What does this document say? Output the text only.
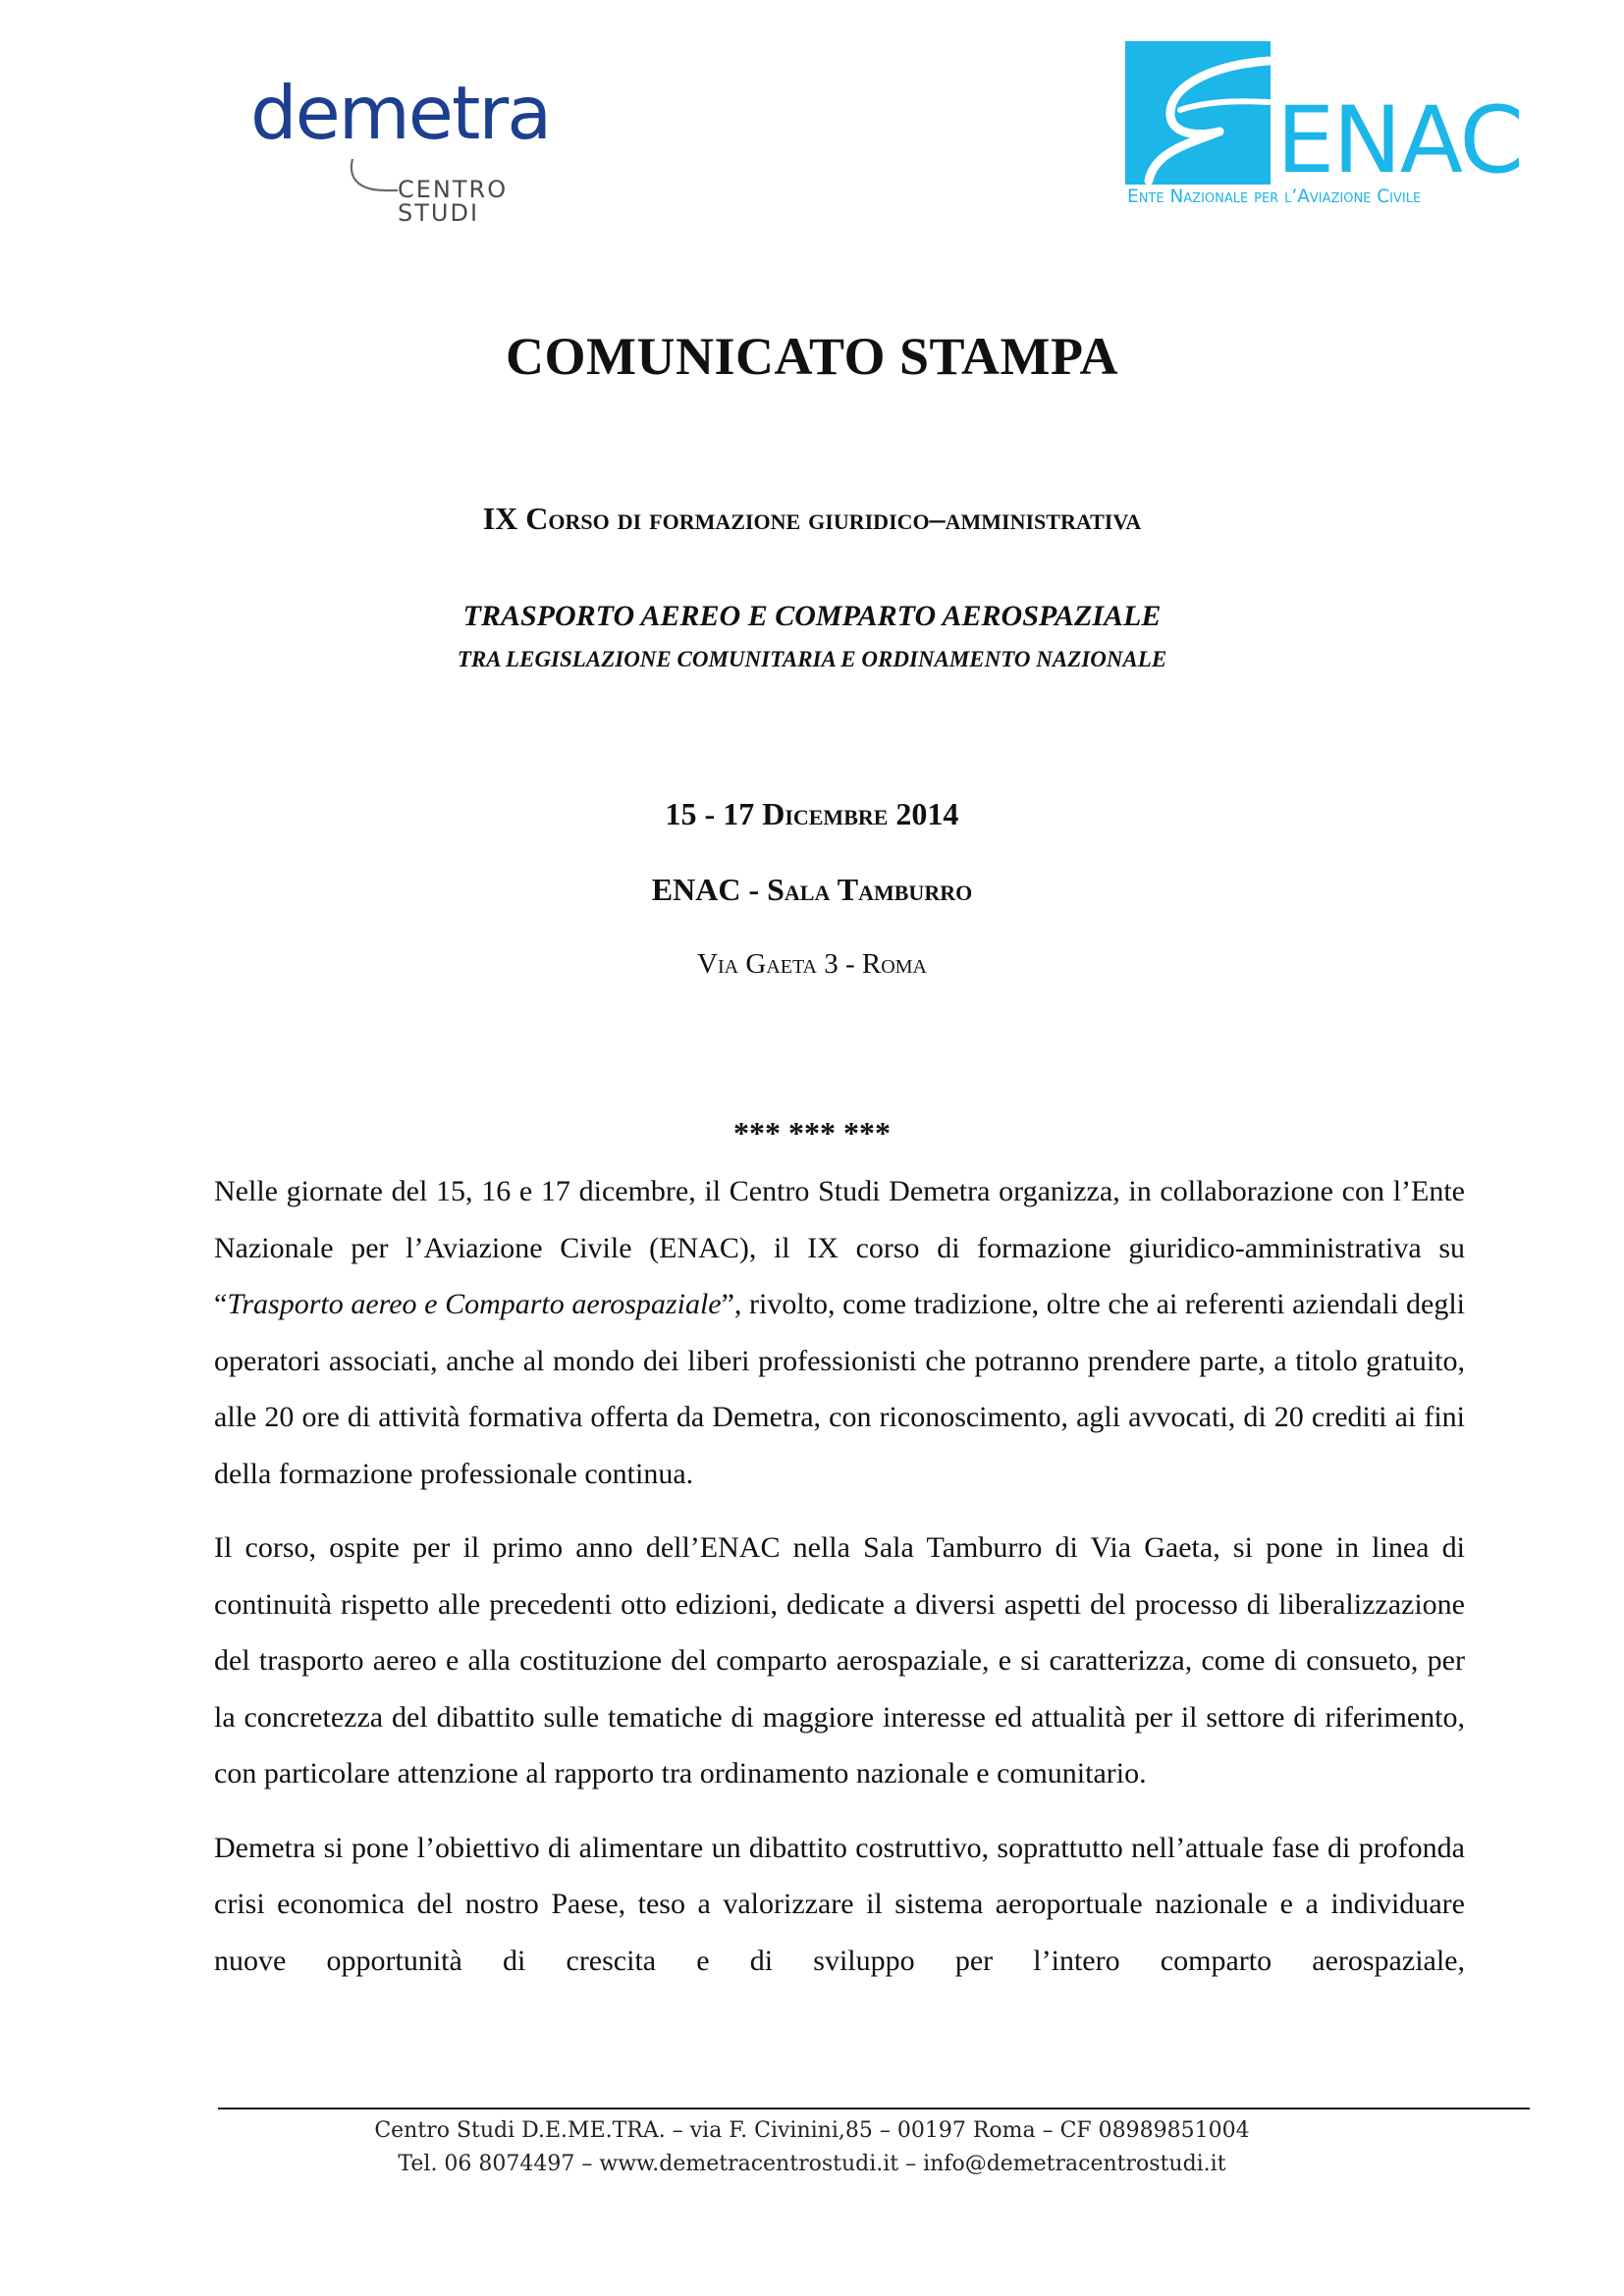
demetra
CENTRO STUDI
ENAC
Ente Nazionale per l’Aviazione Civile
COMUNICATO STAMPA
IX Corso di formazione giuridico–amministrativa
TRASPORTO AEREO E COMPARTO AEROSPAZIALE
TRA LEGISLAZIONE COMUNITARIA E ORDINAMENTO NAZIONALE
15 - 17 Dicembre 2014
ENAC - Sala Tamburro
Via Gaeta 3 - Roma
*** *** ***

Nelle giornate del 15, 16 e 17 dicembre, il Centro Studi Demetra organizza, in collaborazione con l’Ente Nazionale per l’Aviazione Civile (ENAC), il IX corso di formazione giuridico-amministrativa su “Trasporto aereo e Comparto aerospaziale”, rivolto, come tradizione, oltre che ai referenti aziendali degli operatori associati, anche al mondo dei liberi professionisti che potranno prendere parte, a titolo gratuito, alle 20 ore di attività formativa offerta da Demetra, con riconoscimento, agli avvocati, di 20 crediti ai fini della formazione professionale continua.

Il corso, ospite per il primo anno dell’ENAC nella Sala Tamburro di Via Gaeta, si pone in linea di continuità rispetto alle precedenti otto edizioni, dedicate a diversi aspetti del processo di liberalizzazione del trasporto aereo e alla costituzione del comparto aerospaziale, e si caratterizza, come di consueto, per la concretezza del dibattito sulle tematiche di maggiore interesse ed attualità per il settore di riferimento, con particolare attenzione al rapporto tra ordinamento nazionale e comunitario.

Demetra si pone l’obiettivo di alimentare un dibattito costruttivo, soprattutto nell’attuale fase di profonda crisi economica del nostro Paese, teso a valorizzare il sistema aeroportuale nazionale e a individuare nuove opportunità di crescita e di sviluppo per l’intero comparto aerospaziale,

Centro Studi D.E.ME.TRA. – via F. Civinini,85 – 00197 Roma – CF 08989851004
Tel. 06 8074497 – www.demetracentrostudi.it – info@demetracentrostudi.it
